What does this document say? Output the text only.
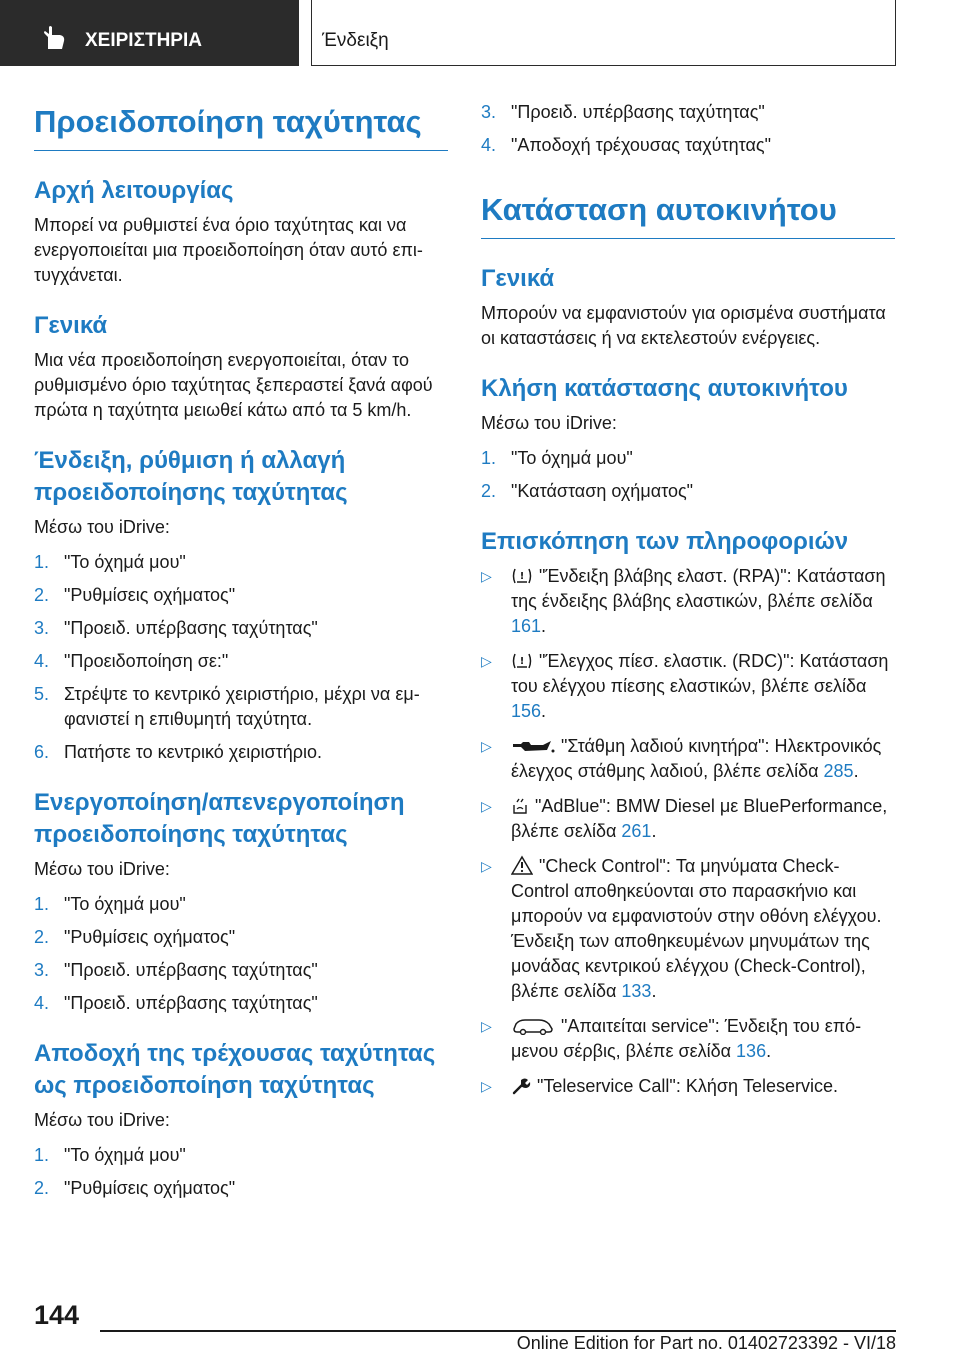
ΧΕΙΡΙΣΤΗΡΙΑ	Ένδειξη
Προειδοποίηση ταχύτητας
Αρχή λειτουργίας

Μπορεί να ρυθμιστεί ένα όριο ταχύτητας και να ενεργοποιείται μια προειδοποίηση όταν αυτό επιτυγχάνεται.

Γενικά

Μια νέα προειδοποίηση ενεργοποιείται, όταν το ρυθμισμένο όριο ταχύτητας ξεπεραστεί ξανά αφού πρώτα η ταχύτητα μειωθεί κάτω από τα 5 km/h.

Ένδειξη, ρύθμιση ή αλλαγή προειδοποίησης ταχύτητας

Μέσω του iDrive:

1. "Το όχημά μου"
2. "Ρυθμίσεις οχήματος"
3. "Προειδ. υπέρβασης ταχύτητας"
4. "Προειδοποίηση σε:"
5. Στρέψτε το κεντρικό χειριστήριο, μέχρι να εμφανιστεί η επιθυμητή ταχύτητα.
6. Πατήστε το κεντρικό χειριστήριο.
Ενεργοποίηση/απενεργοποίηση προειδοποίησης ταχύτητας

Μέσω του iDrive:

1. "Το όχημά μου"
2. "Ρυθμίσεις οχήματος"
3. "Προειδ. υπέρβασης ταχύτητας"
4. "Προειδ. υπέρβασης ταχύτητας"
Αποδοχή της τρέχουσας ταχύτητας ως προειδοποίηση ταχύτητας

Μέσω του iDrive:

1. "Το όχημά μου"
2. "Ρυθμίσεις οχήματος"
3. "Προειδ. υπέρβασης ταχύτητας"
4. "Αποδοχή τρέχουσας ταχύτητας"
Κατάσταση αυτοκινήτου
Γενικά

Μπορούν να εμφανιστούν για ορισμένα συστήματα οι καταστάσεις ή να εκτελεστούν ενέργειες.

Κλήση κατάστασης αυτοκινήτου

Μέσω του iDrive:

1. "Το όχημά μου"
2. "Κατάσταση οχήματος"
Επισκόπηση των πληροφοριών
▷	! "Ένδειξη βλάβης ελαστ. (RPA)": Κατάσταση της ένδειξης βλάβης ελαστικών, βλέπε σελίδα 161.
▷	! "Έλεγχος πίεσ. ελαστικ. (RDC)": Κατάσταση του ελέγχου πίεσης ελαστικών, βλέπε σελίδα 156.
▷	"Στάθμη λαδιού κινητήρα": Ηλεκτρονικός έλεγχος στάθμης λαδιού, βλέπε σελίδα 285.
▷ "AdBlue": BMW Diesel με BluePerformance, βλέπε σελίδα 261.
▷	"Check Control": Τα μηνύματα Check-Control αποθηκεύονται στο παρασκήνιο και μπορούν να εμφανιστούν στην οθόνη ελέγχου. Ένδειξη των αποθηκευμένων μηνυμάτων της μονάδας κεντρικού ελέγχου (Check-Control), βλέπε σελίδα 133.
▷	"Απαιτείται service": Ένδειξη του επόμενου σέρβις, βλέπε σελίδα 136.
▷	"Teleservice Call": Κλήση Teleservice.
144
Online Edition for Part no. 01402723392 - VI/18
